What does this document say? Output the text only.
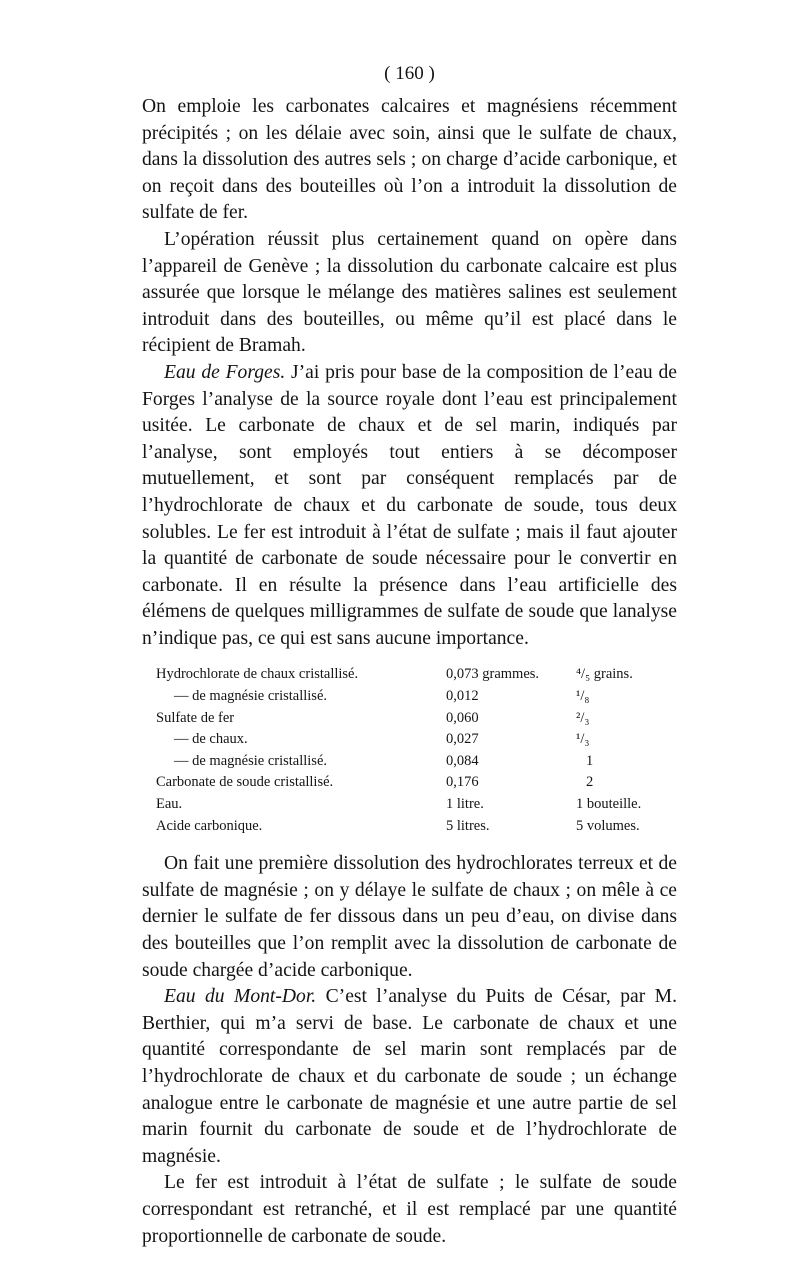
( 160 )

On emploie les carbonates calcaires et magnésiens récemment précipités ; on les délaie avec soin, ainsi que le sulfate de chaux, dans la dissolution des autres sels ; on charge d’acide carbonique, et on reçoit dans des bouteilles où l’on a introduit la dissolution de sulfate de fer.

L’opération réussit plus certainement quand on opère dans l’appareil de Genève ; la dissolution du carbonate calcaire est plus assurée que lorsque le mélange des matières salines est seulement introduit dans des bouteilles, ou même qu’il est placé dans le récipient de Bramah.

Eau de Forges. J’ai pris pour base de la composition de l’eau de Forges l’analyse de la source royale dont l’eau est principalement usitée. Le carbonate de chaux et de sel marin, indiqués par l’analyse, sont employés tout entiers à se décomposer mutuellement, et sont par conséquent remplacés par de l’hydrochlorate de chaux et du carbonate de soude, tous deux solubles. Le fer est introduit à l’état de sulfate ; mais il faut ajouter la quantité de carbonate de soude nécessaire pour le convertir en carbonate. Il en résulte la présence dans l’eau artificielle des élémens de quelques milligrammes de sulfate de soude que lanalyse n’indique pas, ce qui est sans aucune importance.

Hydrochlorate de chaux cristallisé.	0,073 grammes.	⁴/₅ grains.
— de magnésie cristallisé.	0,012	¹/₈
Sulfate de fer	0,060	²/₃
— de chaux.	0,027	¹/₃
— de magnésie cristallisé.	0,084	1
Carbonate de soude cristallisé.	0,176	2
Eau.	1 litre.	1 bouteille.
Acide carbonique.	5 litres.	5 volumes.

On fait une première dissolution des hydrochlorates terreux et de sulfate de magnésie ; on y délaye le sulfate de chaux ; on mêle à ce dernier le sulfate de fer dissous dans un peu d’eau, on divise dans des bouteilles que l’on remplit avec la dissolution de carbonate de soude chargée d’acide carbonique.

Eau du Mont-Dor. C’est l’analyse du Puits de César, par M. Berthier, qui m’a servi de base. Le carbonate de chaux et une quantité correspondante de sel marin sont remplacés par de l’hydrochlorate de chaux et du carbonate de soude ; un échange analogue entre le carbonate de magnésie et une autre partie de sel marin fournit du carbonate de soude et de l’hydrochlorate de magnésie.

Le fer est introduit à l’état de sulfate ; le sulfate de soude correspondant est retranché, et il est remplacé par une quantité proportionnelle de carbonate de soude.
